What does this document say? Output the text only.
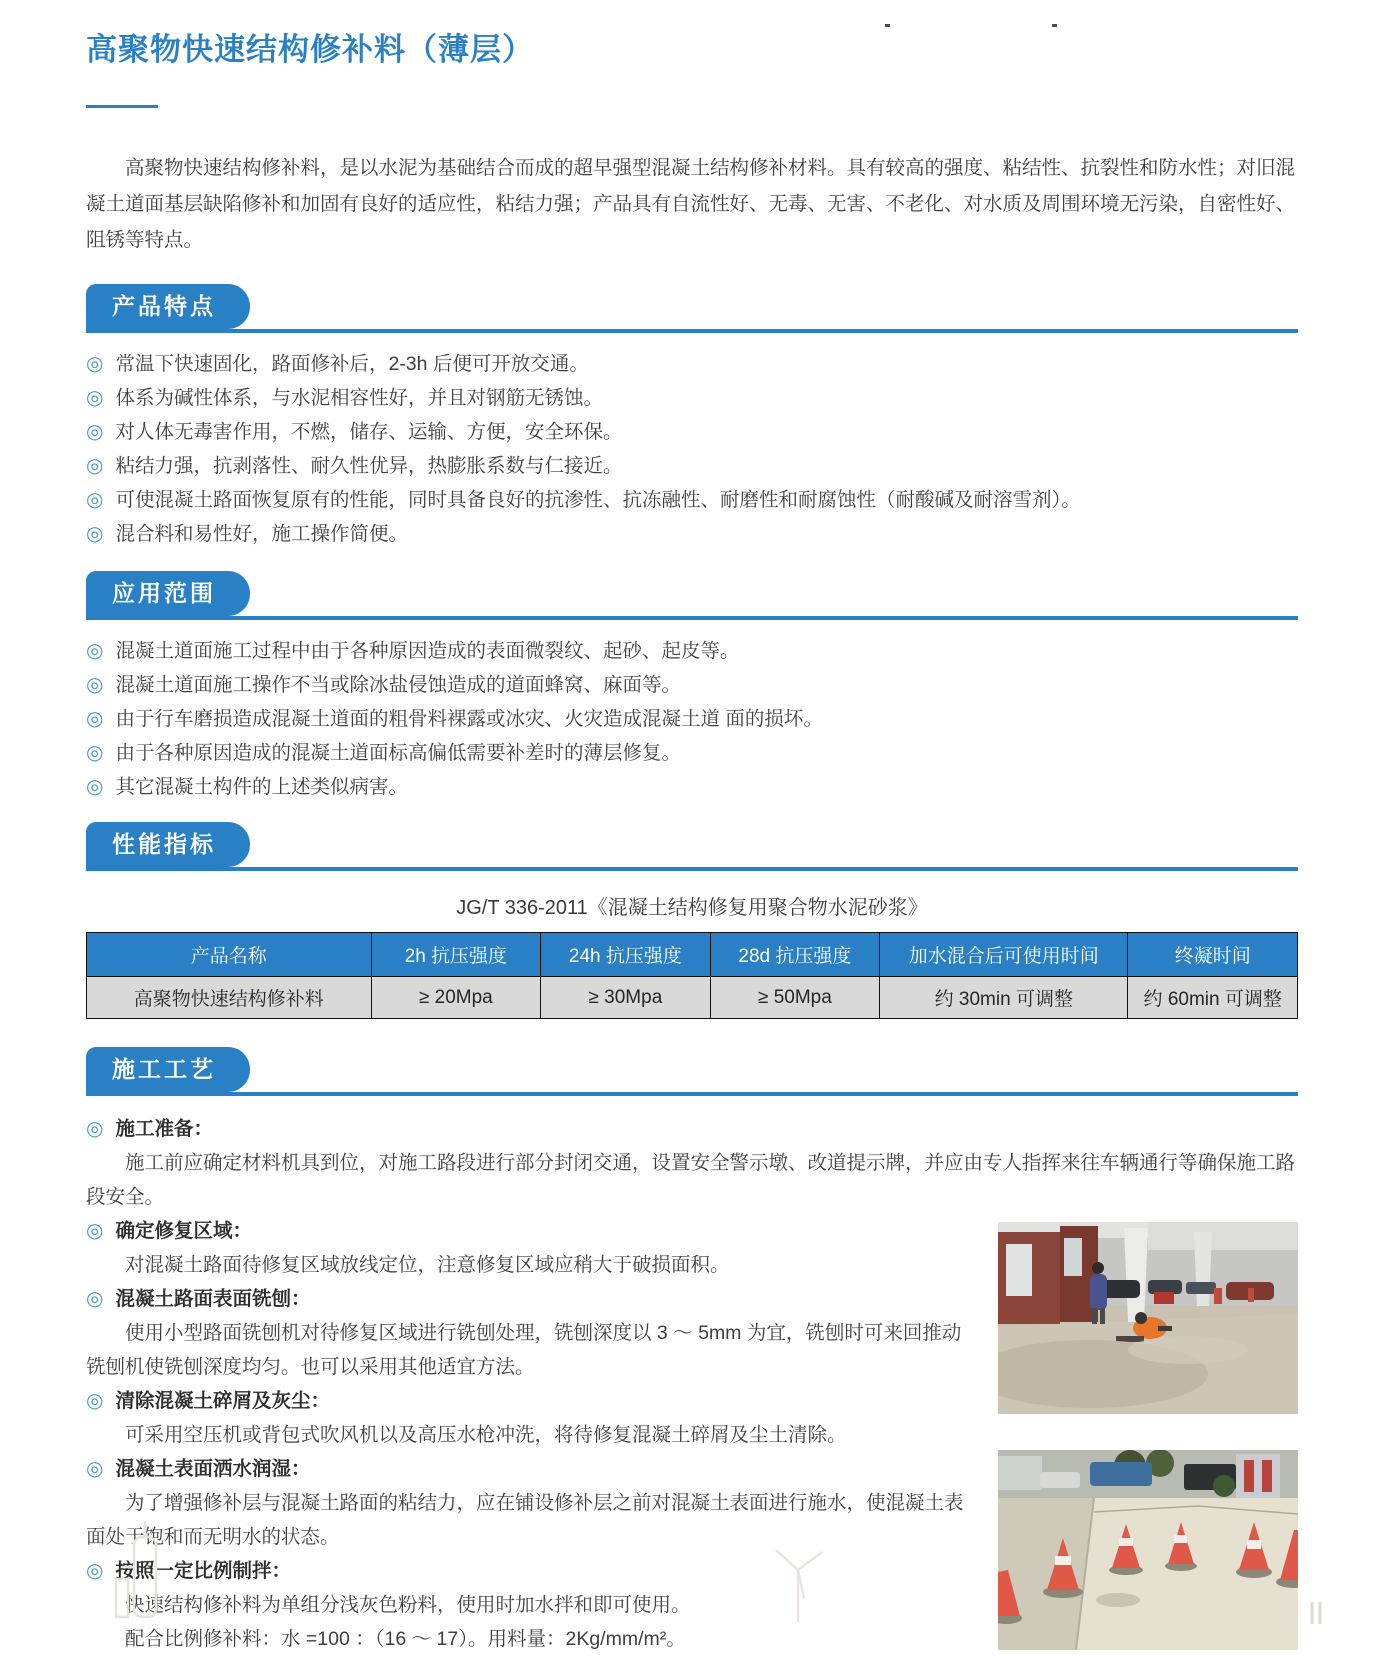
高聚物快速结构修补料（薄层）

高聚物快速结构修补料，是以水泥为基础结合而成的超早强型混凝土结构修补材料。具有较高的强度、粘结性、抗裂性和防水性；对旧混凝土道面基层缺陷修补和加固有良好的适应性，粘结力强；产品具有自流性好、无毒、无害、不老化、对水质及周围环境无污染，自密性好、阻锈等特点。

产品特点
◎ 常温下快速固化，路面修补后，2-3h 后便可开放交通。
◎ 体系为碱性体系，与水泥相容性好，并且对钢筋无锈蚀。
◎ 对人体无毒害作用，不燃，储存、运输、方便，安全环保。
◎ 粘结力强，抗剥落性、耐久性优异，热膨胀系数与仁接近。
◎ 可使混凝土路面恢复原有的性能，同时具备良好的抗渗性、抗冻融性、耐磨性和耐腐蚀性（耐酸碱及耐溶雪剂）。
◎ 混合料和易性好，施工操作简便。
应用范围
◎ 混凝土道面施工过程中由于各种原因造成的表面微裂纹、起砂、起皮等。
◎ 混凝土道面施工操作不当或除冰盐侵蚀造成的道面蜂窝、麻面等。
◎ 由于行车磨损造成混凝土道面的粗骨料裸露或冰灾、火灾造成混凝土道 面的损坏。
◎ 由于各种原因造成的混凝土道面标高偏低需要补差时的薄层修复。
◎ 其它混凝土构件的上述类似病害。
性能指标
JG/T 336-2011《混凝土结构修复用聚合物水泥砂浆》
产品名称	2h 抗压强度	24h 抗压强度	28d 抗压强度	加水混合后可使用时间	终凝时间
高聚物快速结构修补料	≥ 20Mpa	≥ 30Mpa	≥ 50Mpa	约 30min 可调整	约 60min 可调整
施工工艺

◎ 施工准备：

施工前应确定材料机具到位，对施工路段进行部分封闭交通，设置安全警示墩、改道提示牌，并应由专人指挥来往车辆通行等确保施工路段安全。

◎ 确定修复区域：

对混凝土路面待修复区域放线定位，注意修复区域应稍大于破损面积。

◎ 混凝土路面表面铣刨：

使用小型路面铣刨机对待修复区域进行铣刨处理，铣刨深度以 3 ～ 5mm 为宜，铣刨时可来回推动铣刨机使铣刨深度均匀。也可以采用其他适宜方法。

◎ 清除混凝土碎屑及灰尘：

可采用空压机或背包式吹风机以及高压水枪冲洗，将待修复混凝土碎屑及尘土清除。

◎ 混凝土表面洒水润湿：

为了增强修补层与混凝土路面的粘结力，应在铺设修补层之前对混凝土表面进行施水，使混凝土表面处于饱和而无明水的状态。

◎ 按照一定比例制拌：

快速结构修补料为单组分浅灰色粉料，使用时加水拌和即可使用。

配合比例修补料：水 =100 ：（16 ～ 17）。用料量：2Kg/mm/m²。
